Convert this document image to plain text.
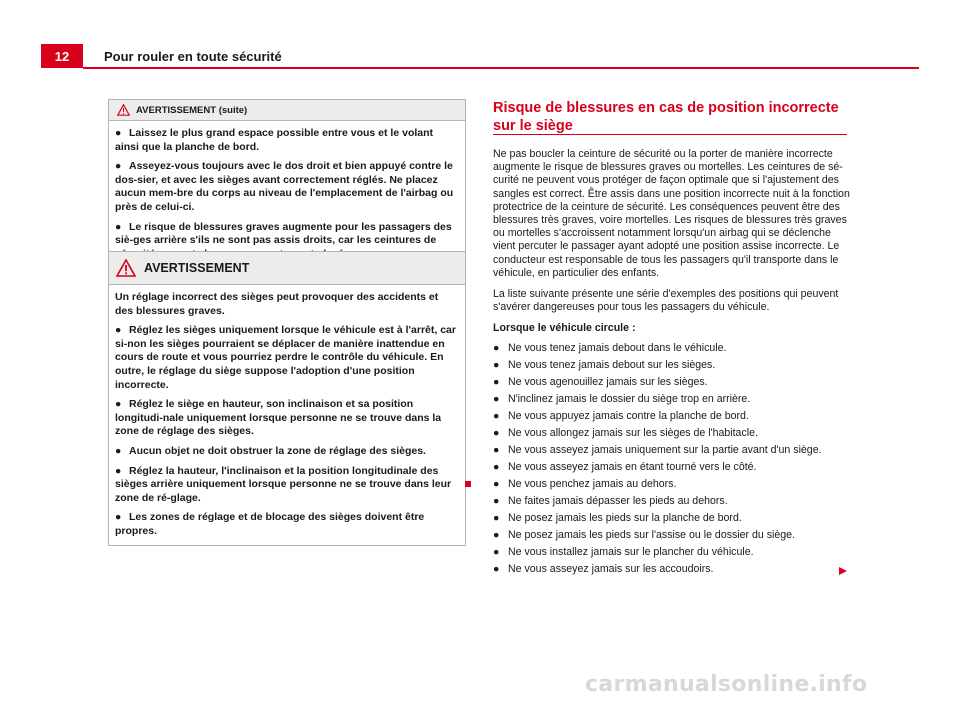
12	Pour rouler en toute sécurité
AVERTISSEMENT (suite)

● Laissez le plus grand espace possible entre vous et le volant ainsi que la planche de bord.

● Asseyez-vous toujours avec le dos droit et bien appuyé contre le dos-sier, et avec les sièges avant correctement réglés. Ne placez aucun mem-bre du corps au niveau de l'emplacement de l'airbag ou près de celui-ci.

● Le risque de blessures graves augmente pour les passagers des siè-ges arrière s'ils ne sont pas assis droits, car les ceintures de

AVERTISSEMENT

Un réglage incorrect des sièges peut provoquer des accidents et des blessures graves.

● Réglez les sièges uniquement lorsque le véhicule est à l'arrêt, car si-non les sièges pourraient se déplacer de manière inattendue en cours de route et vous pourriez perdre le contrôle du véhicule. En outre, le réglage du siège suppose l'adoption d'une position incorrecte.

● Réglez le siège en hauteur, son inclinaison et sa position longitudi-nale uniquement lorsque personne ne se trouve dans la zone de réglage des sièges.

● Aucun objet ne doit obstruer la zone de réglage des sièges.

● Réglez la hauteur, l'inclinaison et la position longitudinale des sièges arrière uniquement lorsque personne ne se trouve dans leur zone de ré-glage.

● Les zones de réglage et de blocage des sièges doivent être propres.

Risque de blessures en cas de position incorrecte sur le siège

Ne pas boucler la ceinture de sécurité ou la porter de manière incorrecte augmente le risque de blessures graves ou mortelles. Les ceintures de sé-curité ne peuvent vous protéger de façon optimale que si l'ajustement des sangles est correct. Être assis dans une position incorrecte nuit à la fonction protectrice de la ceinture de sécurité. Les conséquences peuvent être des blessures très graves, voire mortelles. Les risques de blessures très graves ou mortelles s'accroissent notamment lorsqu'un airbag qui se déclenche vient percuter le passager ayant adopté une position assise incorrecte. Le conducteur est responsable de tous les passagers qu'il transporte dans le véhicule, en particulier des enfants.

La liste suivante présente une série d'exemples des positions qui peuvent s'avérer dangereuses pour tous les passagers du véhicule.

Lorsque le véhicule circule :

● Ne vous tenez jamais debout dans le véhicule.
● Ne vous tenez jamais debout sur les sièges.
● Ne vous agenouillez jamais sur les sièges.
● N'inclinez jamais le dossier du siège trop en arrière.
● Ne vous appuyez jamais contre la planche de bord.
● Ne vous allongez jamais sur les sièges de l'habitacle.
● Ne vous asseyez jamais uniquement sur la partie avant d'un siège.
● Ne vous asseyez jamais en étant tourné vers le côté.
● Ne vous penchez jamais au dehors.
● Ne faites jamais dépasser les pieds au dehors.
● Ne posez jamais les pieds sur la planche de bord.
● Ne posez jamais les pieds sur l'assise ou le dossier du siège.
● Ne vous installez jamais sur le plancher du véhicule.
● Ne vous asseyez jamais sur les accoudoirs.
carmanualsonline.info
